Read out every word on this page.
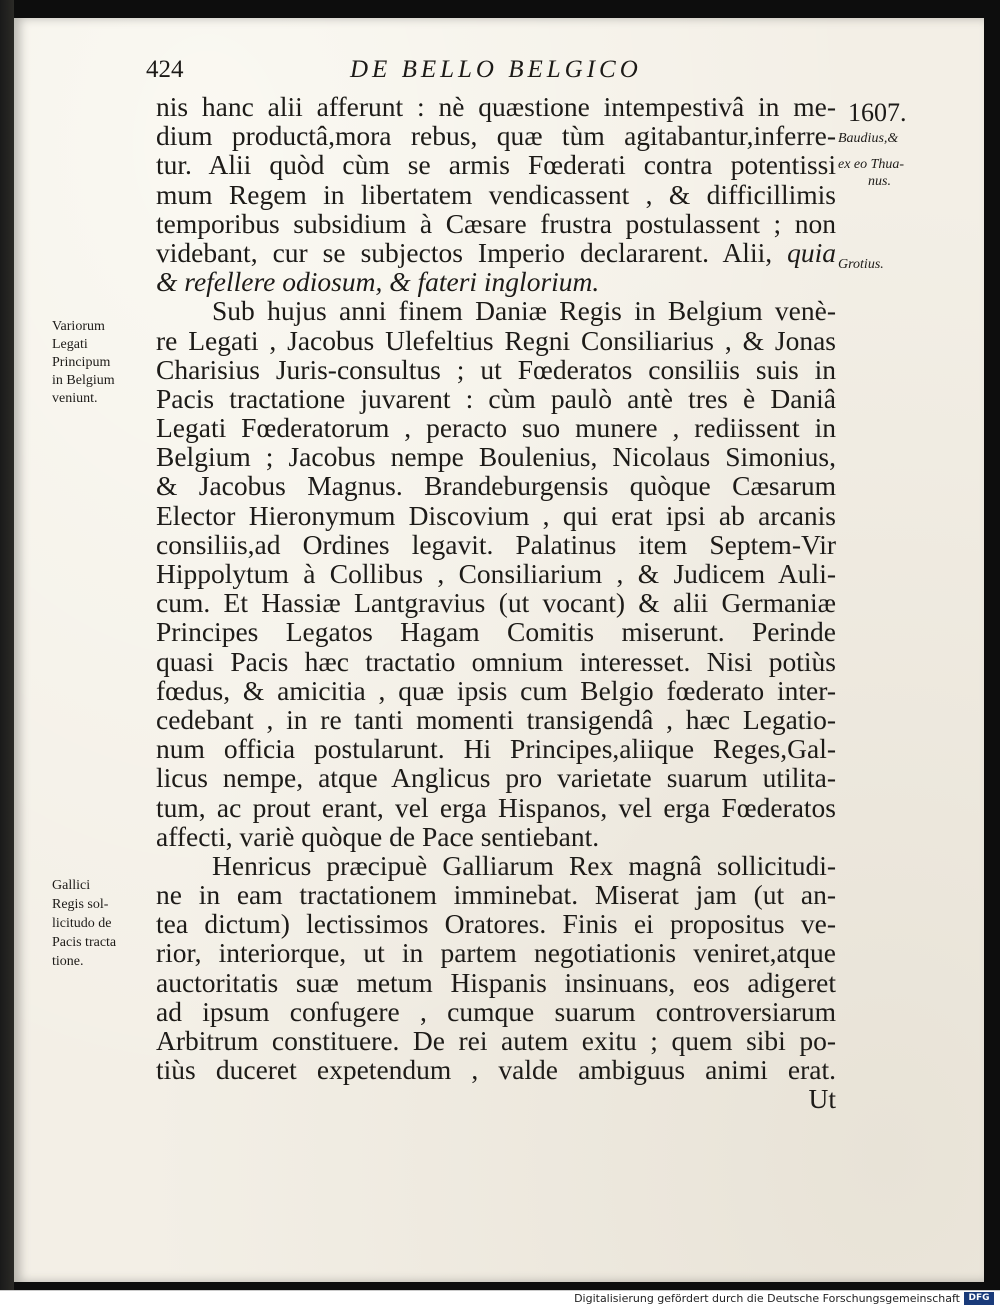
424	DE BELLO BELGICO
1607.
nis hanc alii afferunt : nè quæstione intempestivâ in me-
dium productâ,mora rebus, quæ tùm agitabantur,inferre-
tur. Alii quòd cùm se armis Fœderati contra potentissi
mum Regem in libertatem vendicassent , & difficillimis
temporibus subsidium à Cæsare frustra postulassent ; non
videbant, cur se subjectos Imperio declararent. Alii, quia
& refellere odiosum, & fateri inglorium.
Sub hujus anni finem Daniæ Regis in Belgium venè-
re Legati , Jacobus Ulefeltius Regni Consiliarius , & Jonas
Charisius Juris-consultus ; ut Fœderatos consiliis suis in
Pacis tractatione juvarent : cùm paulò antè tres è Daniâ
Legati Fœderatorum , peracto suo munere , rediissent in
Belgium ; Jacobus nempe Boulenius, Nicolaus Simonius,
& Jacobus Magnus. Brandeburgensis quòque Cæsarum
Elector Hieronymum Discovium , qui erat ipsi ab arcanis
consiliis,ad Ordines legavit. Palatinus item Septem-Vir
Hippolytum à Collibus , Consiliarium , & Judicem Auli-
cum. Et Hassiæ Lantgravius (ut vocant) & alii Germaniæ
Principes Legatos Hagam Comitis miserunt. Perinde
quasi Pacis hæc tractatio omnium interesset. Nisi potiùs
fœdus, & amicitia , quæ ipsis cum Belgio fœderato inter-
cedebant , in re tanti momenti transigendâ , hæc Legatio-
num officia postularunt. Hi Principes,aliique Reges,Gal-
licus nempe, atque Anglicus pro varietate suarum utilita-
tum, ac prout erant, vel erga Hispanos, vel erga Fœderatos
affecti, variè quòque de Pace sentiebant.
Henricus præcipuè Galliarum Rex magnâ sollicitudi-
ne in eam tractationem imminebat. Miserat jam (ut an-
tea dictum) lectissimos Oratores. Finis ei propositus ve-
rior, interiorque, ut in partem negotiationis veniret,atque
auctoritatis suæ metum Hispanis insinuans, eos adigeret
ad ipsum confugere , cumque suarum controversiarum
Arbitrum constituere. De rei autem exitu ; quem sibi po-
tiùs duceret expetendum , valde ambiguus animi erat.
Ut
Baudius,&
ex eo Thua-
nus.
Grotius.
Variorum
Legati
Principum
in Belgium
veniunt.
Gallici
Regis sol-
licitudo de
Pacis tracta
tione.
Digitalisierung gefördert durch die Deutsche Forschungsgemeinschaft DFG
